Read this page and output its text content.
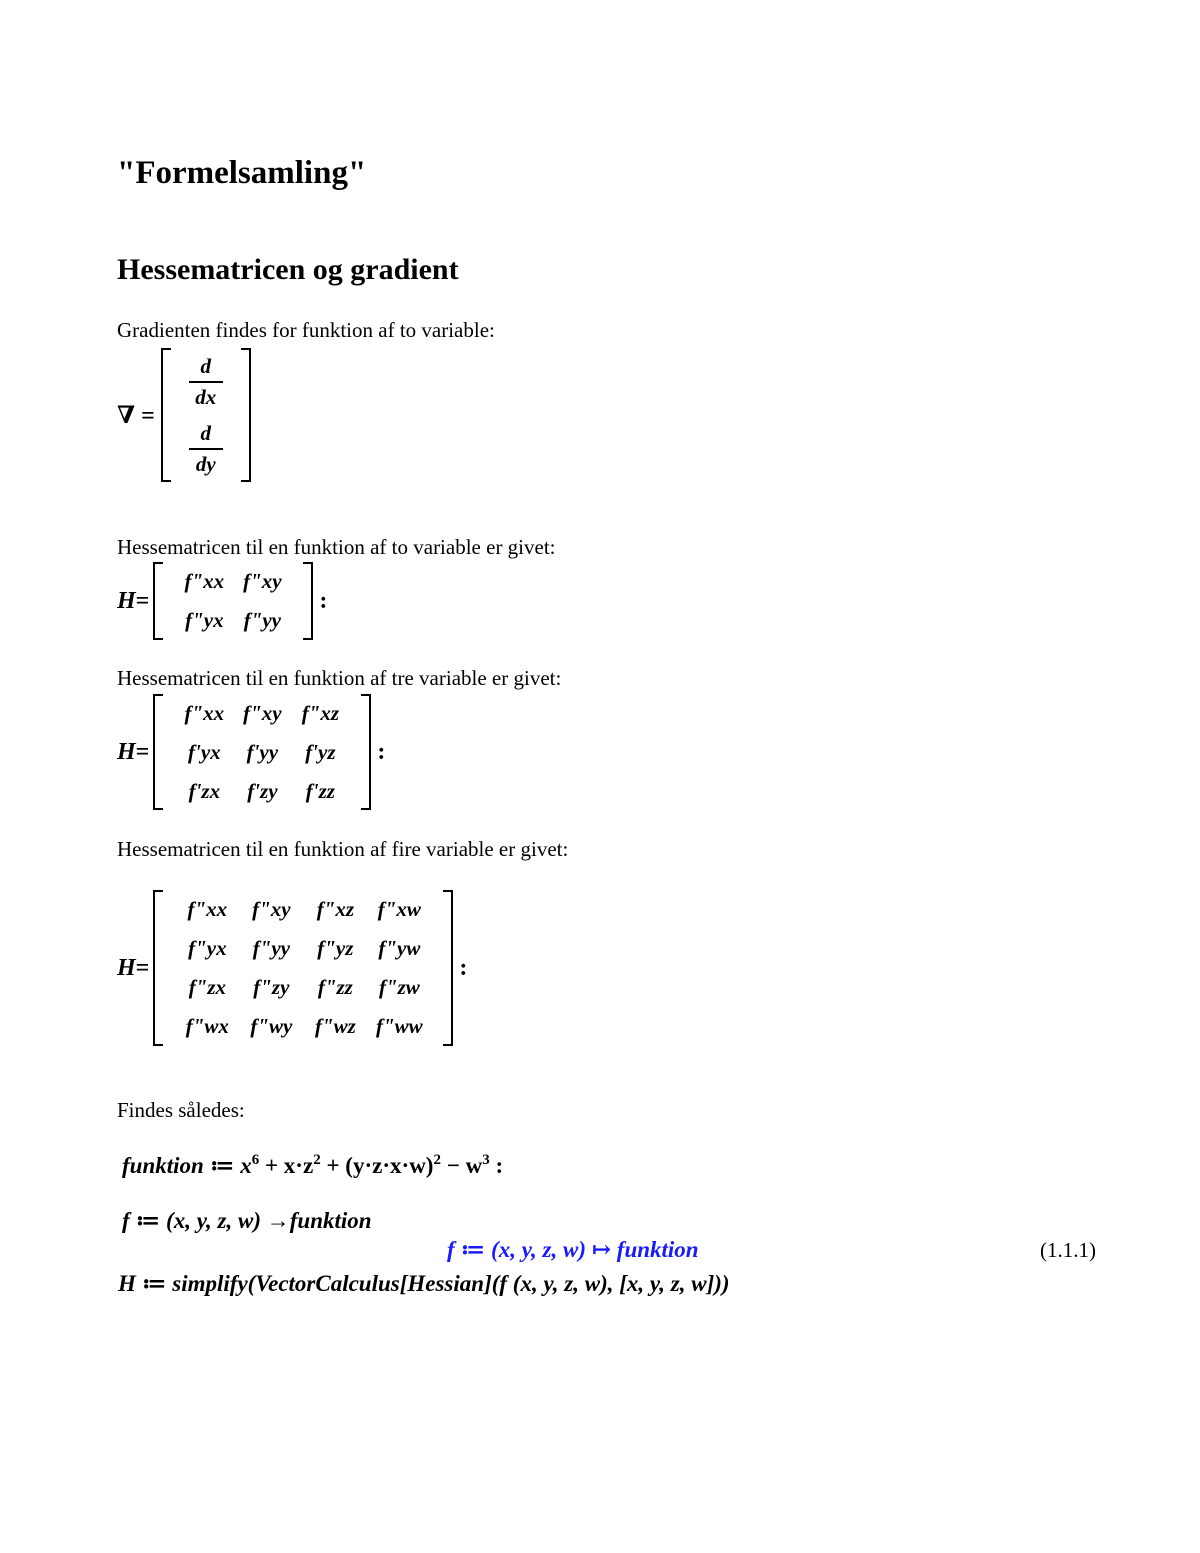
"Formelsamling"
Hessematricen og gradient
Gradienten findes for funktion af to variable:
∇ =
$\frac{d}{dx}$
$\frac{d}{dy}$
Hessematricen til en funktion af to variable er givet:
H=
f"xx f"xy
f"yx f"yy
:
Hessematricen til en funktion af tre variable er givet:
H=
f"xx f"xy f"xz
f'yx	f'yy	f'yz
f'zx	f'zy	f'zz
:
Hessematricen til en funktion af fire variable er givet:
H=
f"xx	f"xy	f"xz	f"xw
f"yx	f"yy	f"yz	f"yw
f"zx	f"zy	f"zz	f"zw
f"wx	f"wy	f"wz f"ww
:
Findes således:
funktion ≔ $x^6 + x\cdot z^2 + (y\cdot z\cdot x\cdot w)^2 - w^3$ :
f ≔ (x, y, z, w) →funktion
f ≔ (x, y, z, w) ↦ funktion	(1.1.1)
H ≔ simplify(VectorCalculus[Hessian](f (x, y, z, w), [x, y, z, w]))
